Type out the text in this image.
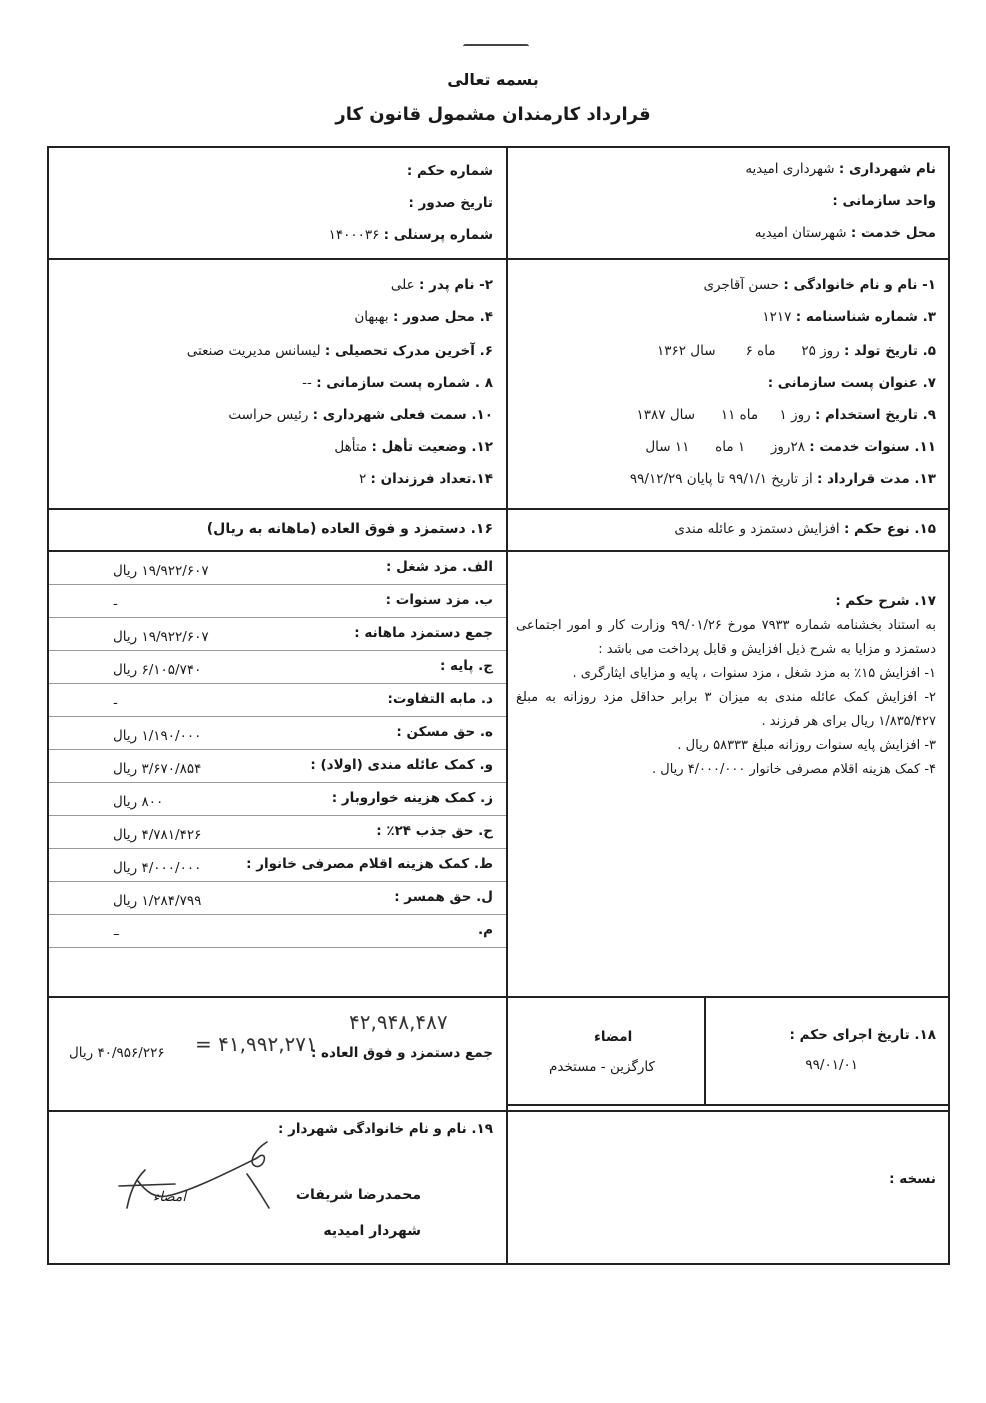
بسمه تعالی
قرارداد کارمندان مشمول قانون کار
نام شهرداری : شهرداری امیدیه
واحد سازمانی :
محل خدمت : شهرستان امیدیه
شماره حکم :
تاریخ صدور :
شماره پرسنلی : ۱۴۰۰۰۳۶
۱- نام و نام خانوادگی : حسن آقاجری
۳. شماره شناسنامه : ۱۲۱۷
۵. تاریخ تولد : روز ۲۵      ماه ۶       سال ۱۳۶۲
۷. عنوان پست سازمانی :
۹. تاریخ استخدام : روز ۱     ماه ۱۱      سال ۱۳۸۷
۱۱. سنوات خدمت : ۲۸روز      ۱ ماه      ۱۱ سال
۱۳. مدت قرارداد : از تاریخ ۹۹/۱/۱ تا پایان ۹۹/۱۲/۲۹
۲- نام پدر : علی
۴. محل صدور : بهبهان
۶. آخرین مدرک تحصیلی : لیسانس مدیریت صنعتی
۸ . شماره پست سازمانی : --
۱۰. سمت فعلی شهرداری : رئیس حراست
۱۲. وضعیت تأهل : متأهل
۱۴.تعداد فرزندان : ۲
۱۵. نوع حکم : افزایش دستمزد و عائله مندی
۱۶. دستمزد و فوق العاده (ماهانه به ریال)
الف. مزد شغل :
۱۹/۹۲۲/۶۰۷ ریال
ب. مزد سنوات :
-
جمع دستمزد ماهانه :
۱۹/۹۲۲/۶۰۷ ریال
ج. پایه :
۶/۱۰۵/۷۴۰ ریال
د. مابه التفاوت:
-
ه. حق مسکن :
۱/۱۹۰/۰۰۰ ریال
و. کمک عائله مندی (اولاد) :
۳/۶۷۰/۸۵۴ ریال
ز. کمک هزینه خواروبار :
۸۰۰ ریال
ح. حق جذب ۲۴٪ :
۴/۷۸۱/۴۲۶ ریال
ط. کمک هزینه اقلام مصرفی خانوار :
۴/۰۰۰/۰۰۰ ریال
ل. حق همسر :
۱/۲۸۴/۷۹۹ ریال
م.
–
۱۷. شرح حکم :

به استناد بخشنامه شماره ۷۹۳۳ مورخ ۹۹/۰۱/۲۶ وزارت کار و امور اجتماعی دستمزد و مزایا به شرح ذیل افزایش و قابل پرداخت می باشد :

۱- افزایش ۱۵٪ به مزد شغل ، مزد سنوات ، پایه و مزایای ایثارگری .

۲- افزایش کمک عائله مندی به میزان ۳ برابر حداقل مزد روزانه به مبلغ ۱/۸۳۵/۴۲۷ ریال برای هر فرزند .

۳- افزایش پایه سنوات روزانه مبلغ ۵۸۳۳۳ ریال .

۴- کمک هزینه اقلام مصرفی خانوار ۴/۰۰۰/۰۰۰ ریال .

جمع دستمزد و فوق العاده :
۴۰/۹۵۶/۲۲۶ ریال ۴۱,۹۹۲,۲۷۱ =
۴۲,۹۴۸,۴۸۷
۱۸. تاریخ اجرای حکم :
۹۹/۰۱/۰۱
امضاء
کارگزین - مستخدم
۱۹. نام و نام خانوادگی شهردار :
محمدرضا شریفات
شهردار امیدیه
امضاء
نسخه :
